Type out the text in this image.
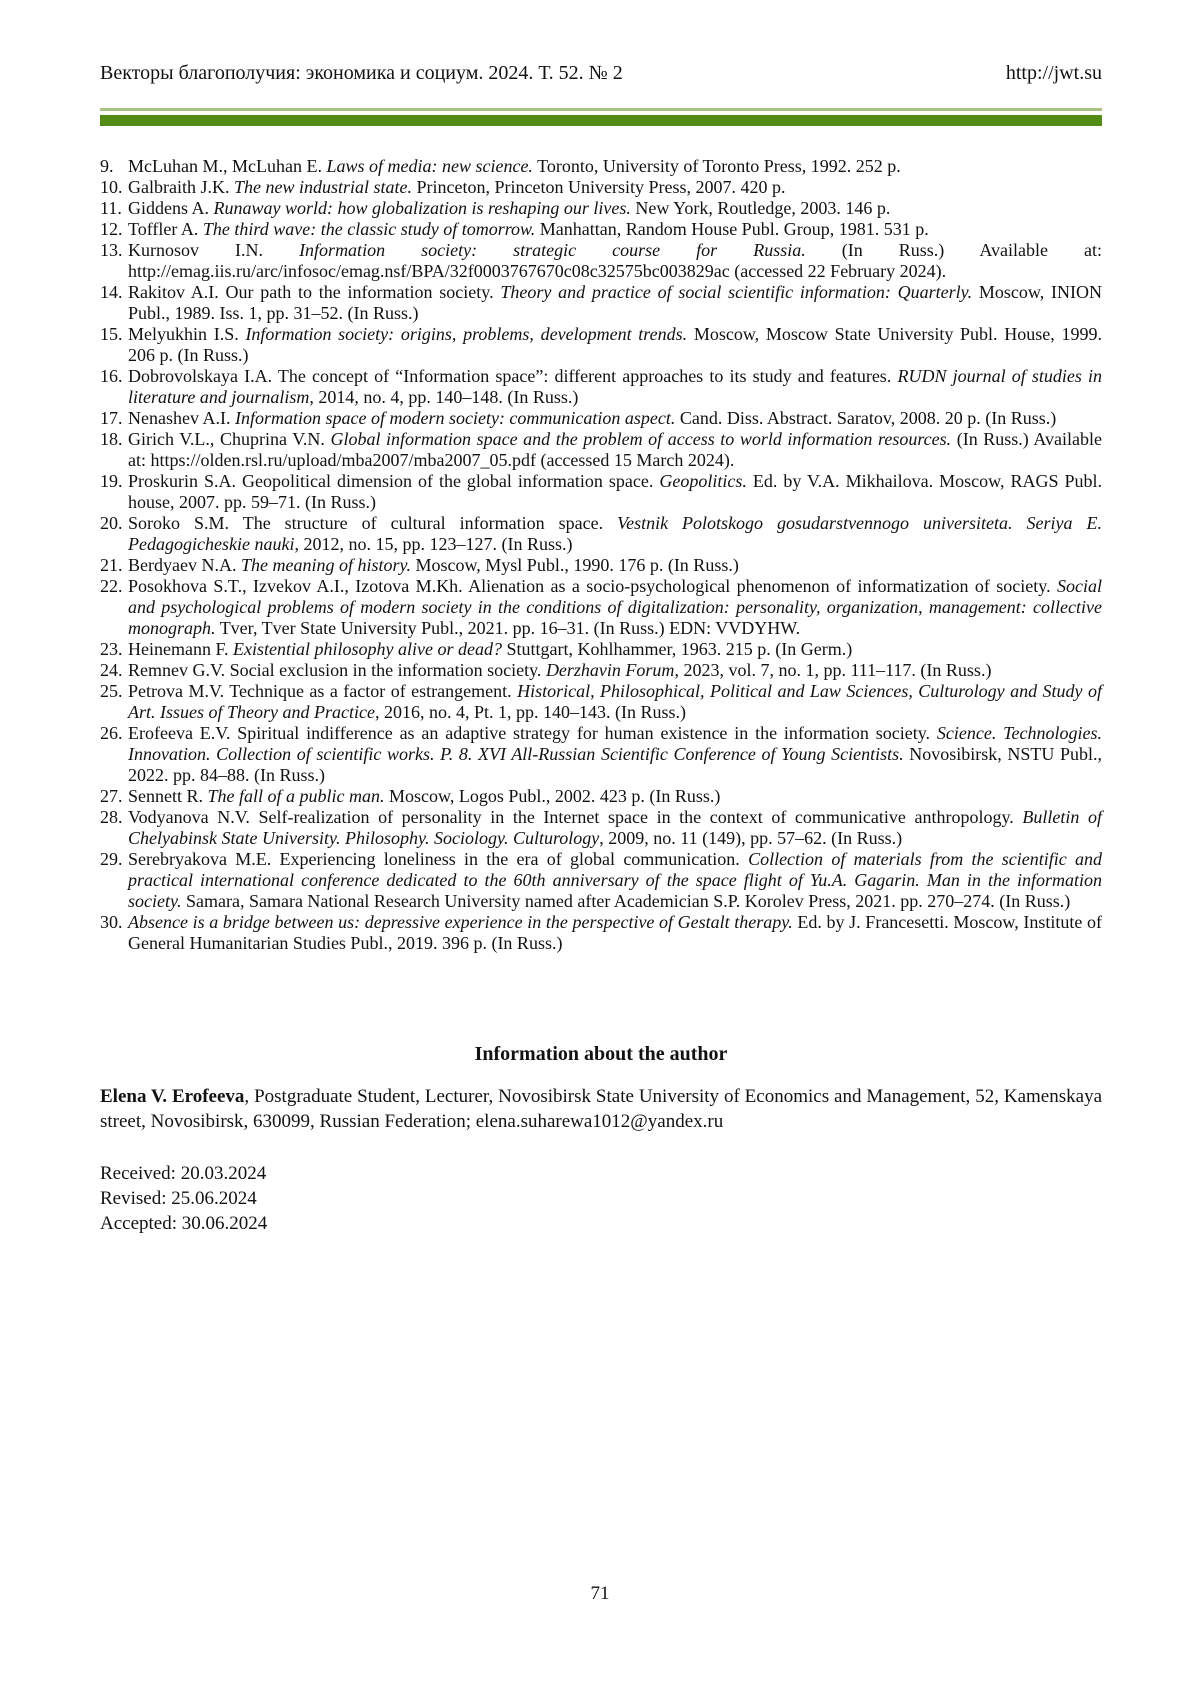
Векторы благополучия: экономика и социум. 2024. Т. 52. № 2	http://jwt.su
9. McLuhan M., McLuhan E. Laws of media: new science. Toronto, University of Toronto Press, 1992. 252 p.
10. Galbraith J.K. The new industrial state. Princeton, Princeton University Press, 2007. 420 p.
11. Giddens A. Runaway world: how globalization is reshaping our lives. New York, Routledge, 2003. 146 p.
12. Toffler A. The third wave: the classic study of tomorrow. Manhattan, Random House Publ. Group, 1981. 531 p.
13. Kurnosov I.N. Information society: strategic course for Russia. (In Russ.) Available at: http://emag.iis.ru/arc/infosoc/emag.nsf/BPA/32f0003767670c08c32575bc003829ac (accessed 22 February 2024).
14. Rakitov A.I. Our path to the information society. Theory and practice of social scientific information: Quarterly. Moscow, INION Publ., 1989. Iss. 1, pp. 31–52. (In Russ.)
15. Melyukhin I.S. Information society: origins, problems, development trends. Moscow, Moscow State University Publ. House, 1999. 206 p. (In Russ.)
16. Dobrovolskaya I.A. The concept of “Information space”: different approaches to its study and features. RUDN journal of studies in literature and journalism, 2014, no. 4, pp. 140–148. (In Russ.)
17. Nenashev A.I. Information space of modern society: communication aspect. Cand. Diss. Abstract. Saratov, 2008. 20 p. (In Russ.)
18. Girich V.L., Chuprina V.N. Global information space and the problem of access to world information resources. (In Russ.) Available at: https://olden.rsl.ru/upload/mba2007/mba2007_05.pdf (accessed 15 March 2024).
19. Proskurin S.A. Geopolitical dimension of the global information space. Geopolitics. Ed. by V.A. Mikhailova. Moscow, RAGS Publ. house, 2007. pp. 59–71. (In Russ.)
20. Soroko S.M. The structure of cultural information space. Vestnik Polotskogo gosudarstvennogo universiteta. Seriya E. Pedagogicheskie nauki, 2012, no. 15, pp. 123–127. (In Russ.)
21. Berdyaev N.A. The meaning of history. Moscow, Mysl Publ., 1990. 176 p. (In Russ.)
22. Posokhova S.T., Izvekov A.I., Izotova M.Kh. Alienation as a socio-psychological phenomenon of informatization of society. Social and psychological problems of modern society in the conditions of digitalization: personality, organization, management: collective monograph. Tver, Tver State University Publ., 2021. pp. 16–31. (In Russ.) EDN: VVDYHW.
23. Heinemann F. Existential philosophy alive or dead? Stuttgart, Kohlhammer, 1963. 215 p. (In Germ.)
24. Remnev G.V. Social exclusion in the information society. Derzhavin Forum, 2023, vol. 7, no. 1, pp. 111–117. (In Russ.)
25. Petrova M.V. Technique as a factor of estrangement. Historical, Philosophical, Political and Law Sciences, Culturology and Study of Art. Issues of Theory and Practice, 2016, no. 4, Pt. 1, pp. 140–143. (In Russ.)
26. Erofeeva E.V. Spiritual indifference as an adaptive strategy for human existence in the information society. Science. Technologies. Innovation. Collection of scientific works. P. 8. XVI All-Russian Scientific Conference of Young Scientists. Novosibirsk, NSTU Publ., 2022. pp. 84–88. (In Russ.)
27. Sennett R. The fall of a public man. Moscow, Logos Publ., 2002. 423 p. (In Russ.)
28. Vodyanova N.V. Self-realization of personality in the Internet space in the context of communicative anthropology. Bulletin of Chelyabinsk State University. Philosophy. Sociology. Culturology, 2009, no. 11 (149), pp. 57–62. (In Russ.)
29. Serebryakova M.E. Experiencing loneliness in the era of global communication. Collection of materials from the scientific and practical international conference dedicated to the 60th anniversary of the space flight of Yu.A. Gagarin. Man in the information society. Samara, Samara National Research University named after Academician S.P. Korolev Press, 2021. pp. 270–274. (In Russ.)
30. Absence is a bridge between us: depressive experience in the perspective of Gestalt therapy. Ed. by J. Francesetti. Moscow, Institute of General Humanitarian Studies Publ., 2019. 396 p. (In Russ.)
Information about the author

Elena V. Erofeeva, Postgraduate Student, Lecturer, Novosibirsk State University of Economics and Management, 52, Kamenskaya street, Novosibirsk, 630099, Russian Federation; elena.suharewa1012@yandex.ru

Received: 20.03.2024
Revised: 25.06.2024
Accepted: 30.06.2024
71
